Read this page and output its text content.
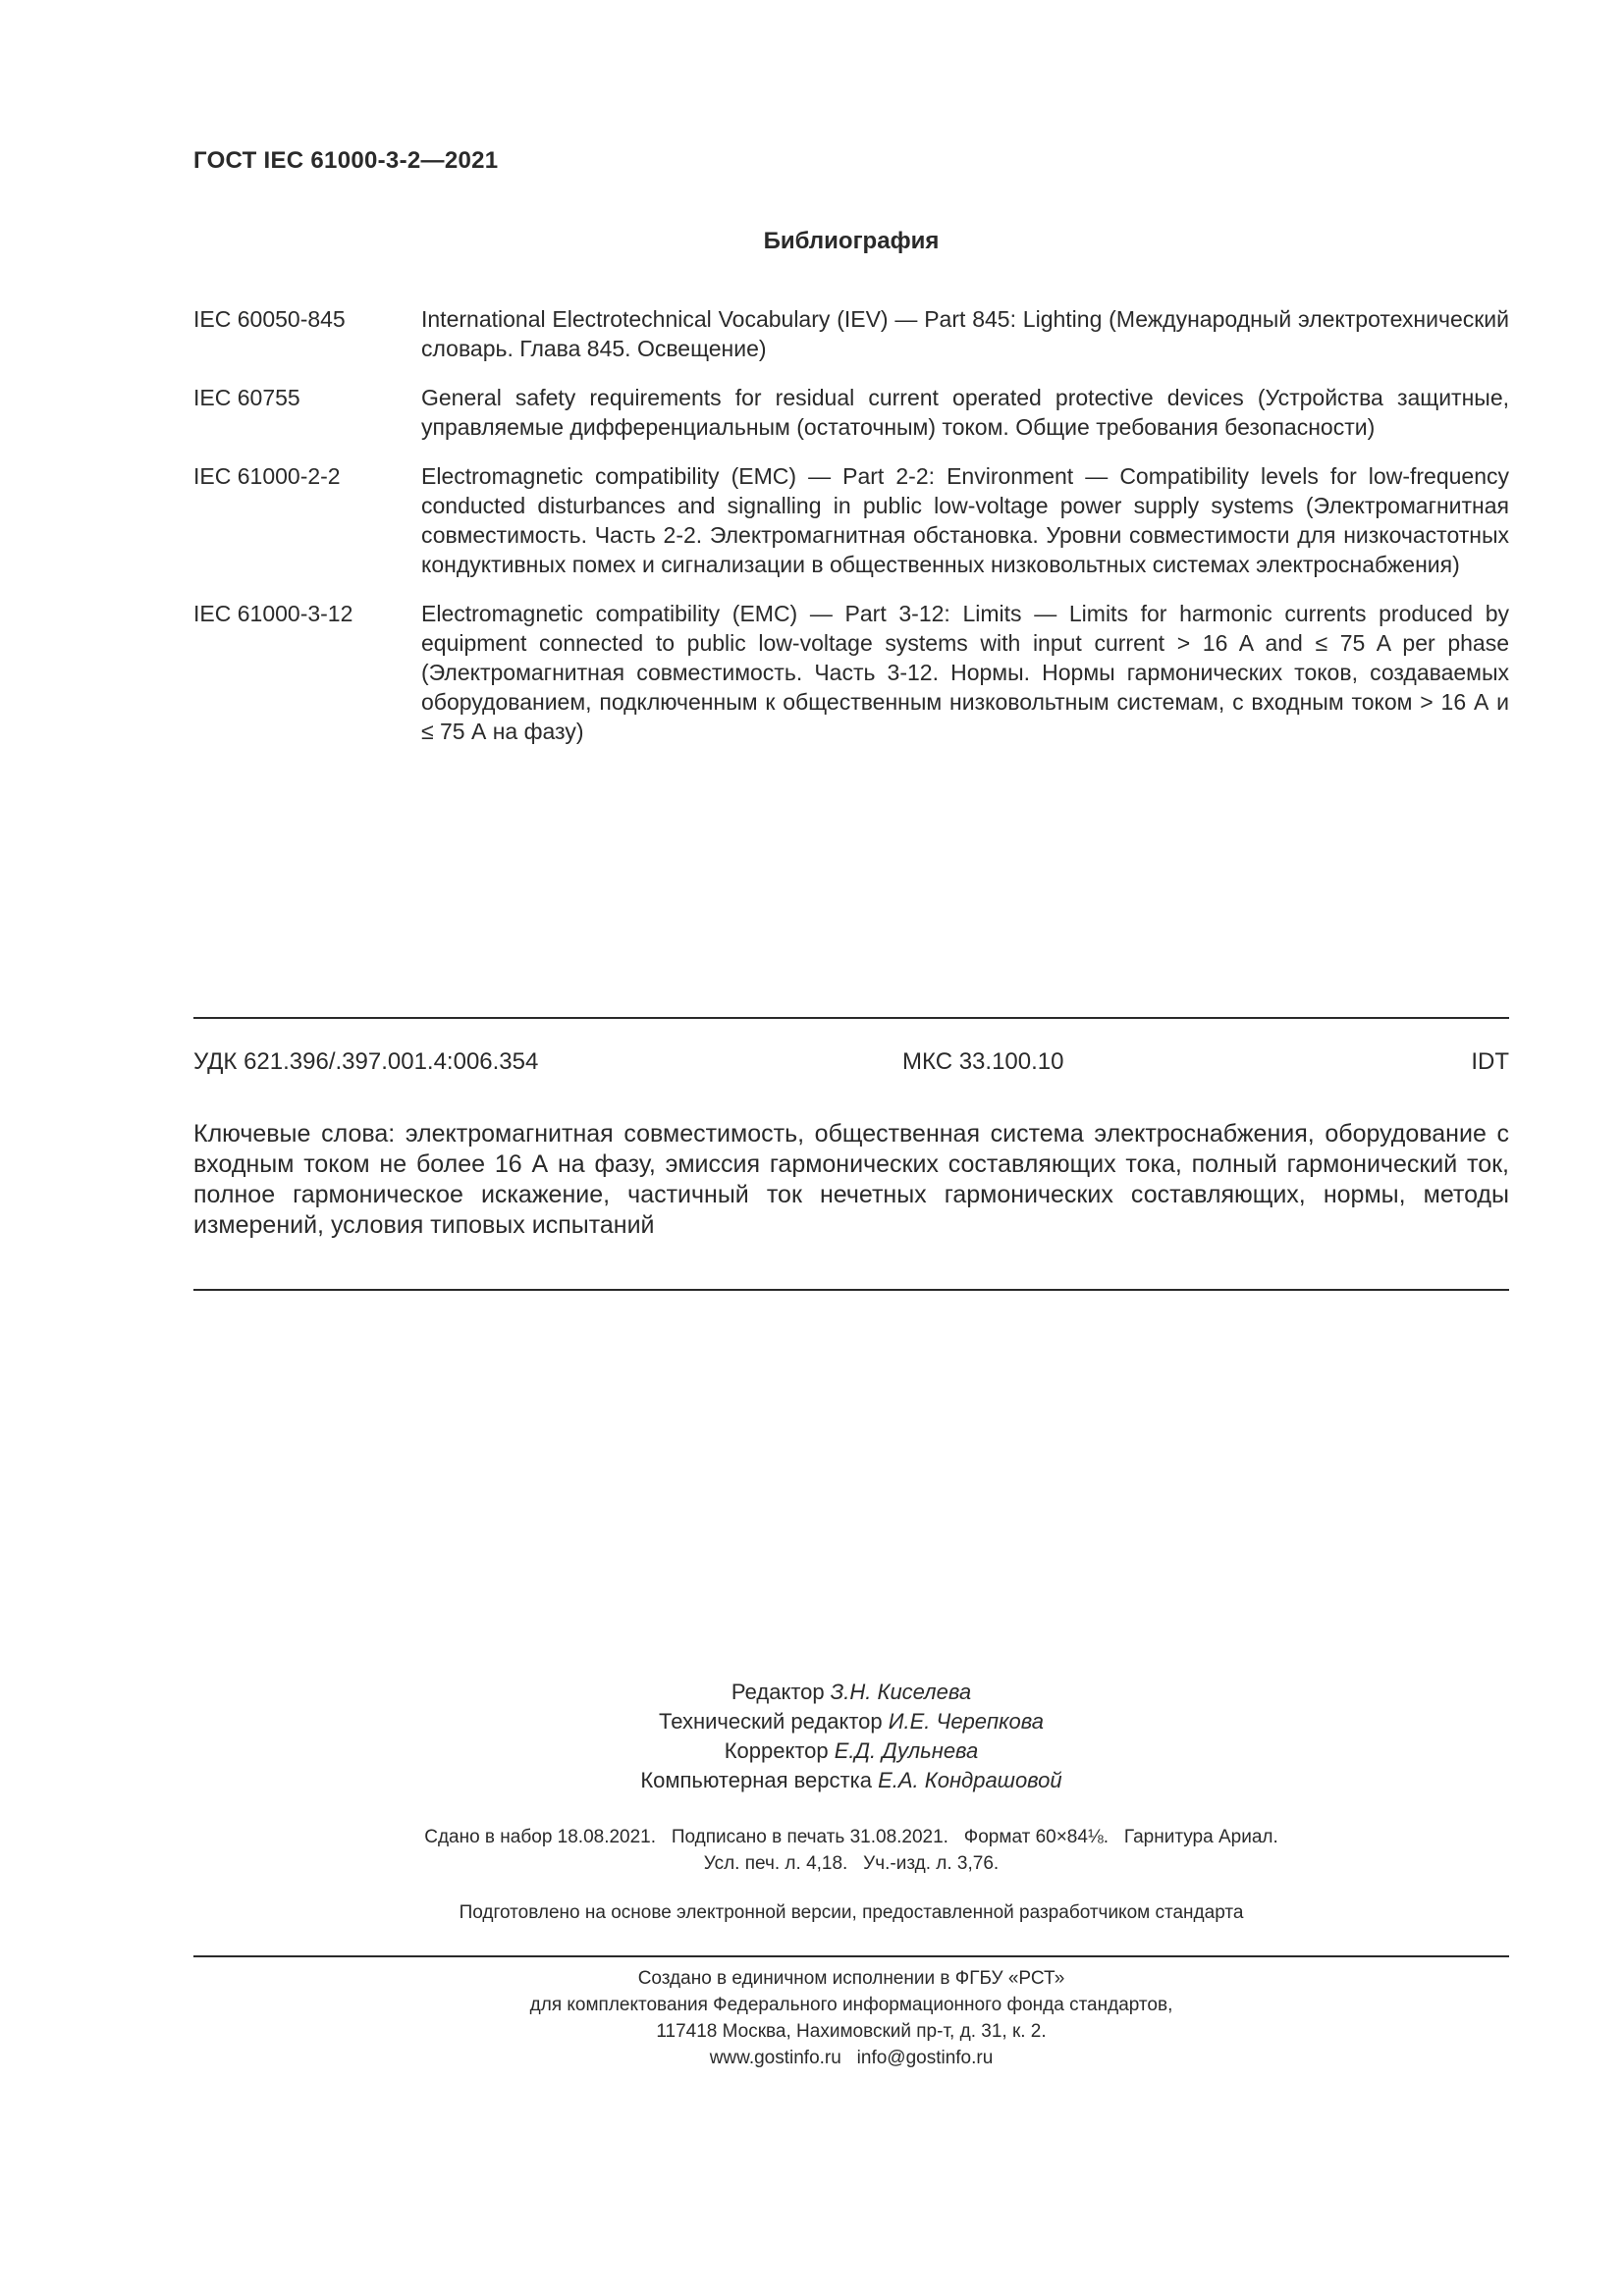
ГОСТ IEC 61000-3-2—2021
Библиография
IEC 60050-845	International Electrotechnical Vocabulary (IEV) — Part 845: Lighting (Международный электротехнический словарь. Глава 845. Освещение)
IEC 60755	General safety requirements for residual current operated protective devices (Устройства защитные, управляемые дифференциальным (остаточным) током. Общие требования безопасности)
IEC 61000-2-2	Electromagnetic compatibility (EMC) — Part 2-2: Environment — Compatibility levels for low-frequency conducted disturbances and signalling in public low-voltage power supply systems (Электромагнитная совместимость. Часть 2-2. Электромагнитная обстановка. Уровни совместимости для низкочастотных кондуктивных помех и сигнализации в общественных низковольтных системах электроснабжения)
IEC 61000-3-12	Electromagnetic compatibility (EMC) — Part 3-12: Limits — Limits for harmonic currents produced by equipment connected to public low-voltage systems with input current > 16 A and ≤ 75 A per phase (Электромагнитная совместимость. Часть 3-12. Нормы. Нормы гармонических токов, создаваемых оборудованием, подключенным к общественным низковольтным системам, с входным током > 16 А и ≤ 75 А на фазу)
УДК 621.396/.397.001.4:006.354	МКС 33.100.10	IDT
Ключевые слова: электромагнитная совместимость, общественная система электроснабжения, оборудование с входным током не более 16 А на фазу, эмиссия гармонических составляющих тока, полный гармонический ток, полное гармоническое искажение, частичный ток нечетных гармонических составляющих, нормы, методы измерений, условия типовых испытаний
Редактор З.Н. Киселева
Технический редактор И.Е. Черепкова
Корректор Е.Д. Дульнева
Компьютерная верстка Е.А. Кондрашовой
Сдано в набор 18.08.2021.   Подписано в печать 31.08.2021.   Формат 60×84⅛.   Гарнитура Ариал.
Усл. печ. л. 4,18.   Уч.-изд. л. 3,76.
Подготовлено на основе электронной версии, предоставленной разработчиком стандарта
Создано в единичном исполнении в ФГБУ «РСТ»
для комплектования Федерального информационного фонда стандартов,
117418 Москва, Нахимовский пр-т, д. 31, к. 2.
www.gostinfo.ru   info@gostinfo.ru
